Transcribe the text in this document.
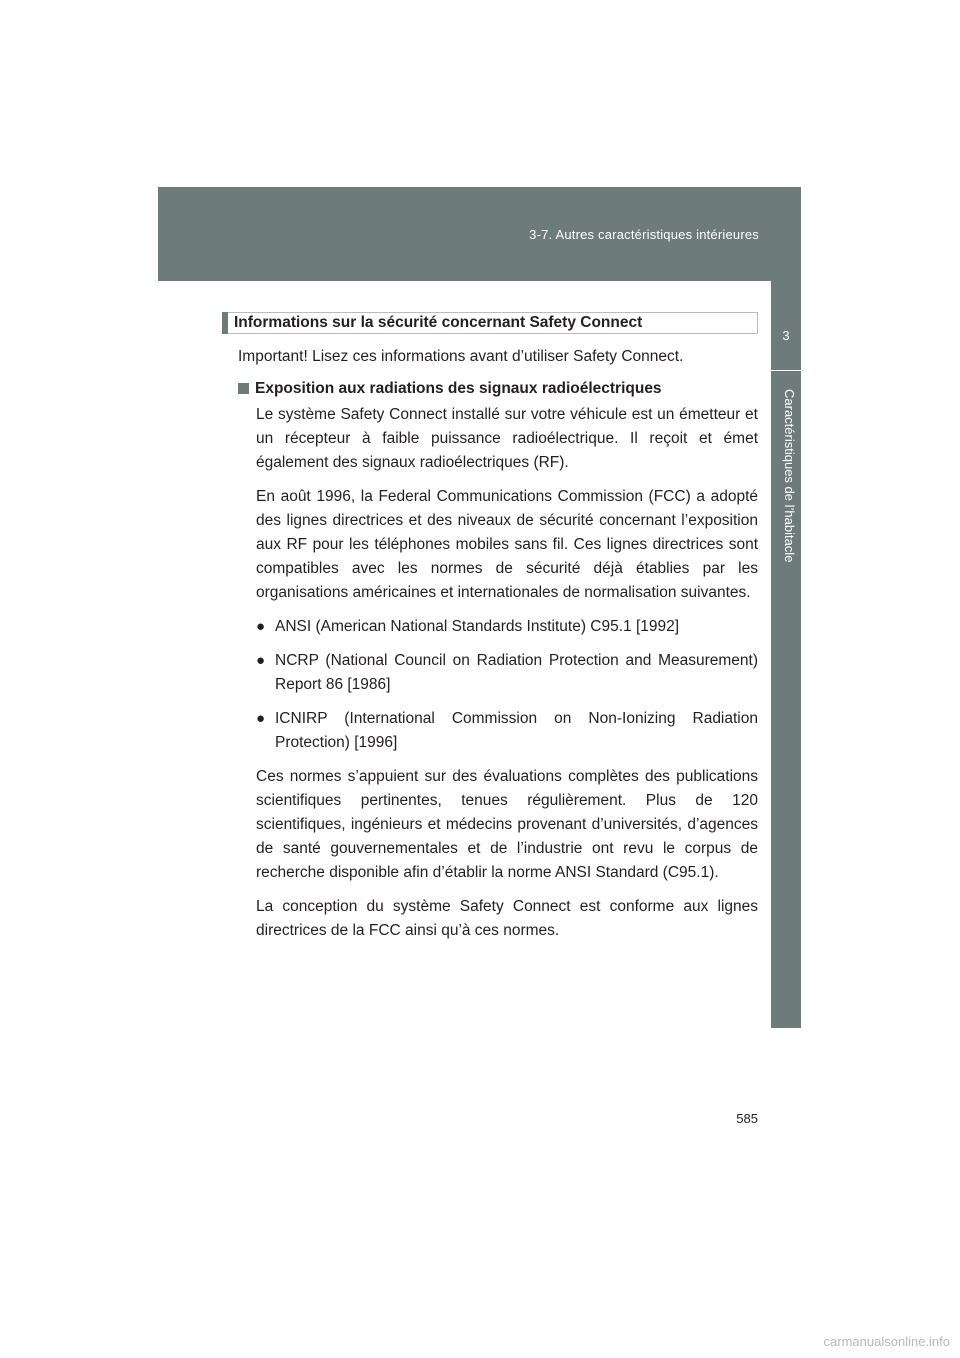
3-7. Autres caractéristiques intérieures
3
Caractéristiques de l’habitacle
Informations sur la sécurité concernant Safety Connect

Important! Lisez ces informations avant d’utiliser Safety Connect.

Exposition aux radiations des signaux radioélectriques

Le système Safety Connect installé sur votre véhicule est un émetteur et un récepteur à faible puissance radioélectrique. Il reçoit et émet également des signaux radioélectriques (RF).

En août 1996, la Federal Communications Commission (FCC) a adopté des lignes directrices et des niveaux de sécurité concernant l’exposition aux RF pour les téléphones mobiles sans fil. Ces lignes directrices sont compatibles avec les normes de sécurité déjà établies par les organisations américaines et internationales de normalisation suivantes.

● ANSI (American National Standards Institute) C95.1 [1992]
● NCRP (National Council on Radiation Protection and Measurement) Report 86 [1986]
● ICNIRP (International Commission on Non-Ionizing Radiation Protection) [1996]

Ces normes s’appuient sur des évaluations complètes des publications scientifiques pertinentes, tenues régulièrement. Plus de 120 scientifiques, ingénieurs et médecins provenant d’universités, d’agences de santé gouvernementales et de l’industrie ont revu le corpus de recherche disponible afin d’établir la norme ANSI Standard (C95.1).

La conception du système Safety Connect est conforme aux lignes directrices de la FCC ainsi qu’à ces normes.

585
carmanualsonline.info
